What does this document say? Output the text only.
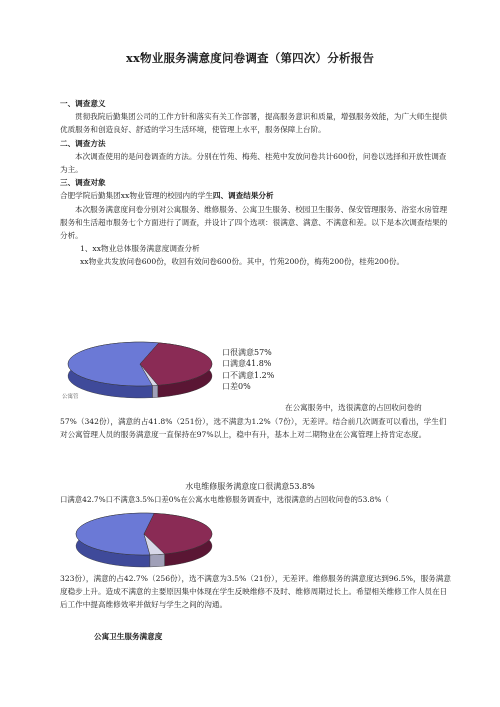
xx物业服务满意度问卷调查（第四次）分析报告
一、调查意义
贯彻我院后勤集团公司的工作方针和落实有关工作部署，提高服务意识和质量，增强服务效能，为广大师生提供优质服务和创造良好、舒适的学习生活环境，使管理上水平，服务保障上台阶。
二、调查方法
本次调查使用的是问卷调查的方法。分别在竹苑、梅苑、桂苑中发放问卷共计600份，问卷以选择和开放性调查为主。
三、调查对象
合肥学院后勤集团xx物业管理的校园内的学生四、调查结果分析
本次服务满意度问卷分别对公寓服务、维修服务、公寓卫生服务、校园卫生服务、保安管理服务、浴室水房管理服务和生活超市服务七个方面进行了调查，并设计了四个选项：很满意、满意、不满意和差。以下是本次调查结果的分析。
1、xx物业总体服务满意度调查分析
xx物业共发放问卷600份，收回有效问卷600份。其中，竹苑200份，梅苑200份，桂苑200份。
公寓管
口很满意57%
口满意41.8%
口不满意1.2%
口差0%
在公寓服务中，选很满意的占回收问卷的
57%（342份），满意的占41.8%（251份），选不满意为1.2%（7份），无差评。结合前几次调查可以看出，学生们对公寓管理人员的服务满意度一直保持在97%以上，稳中有升，基本上对二期物业在公寓管理上持肯定态度。
水电维修服务满意度口很满意53.8%
口满意42.7%口不满意3.5%口差0%在公寓水电维修服务调查中，选很满意的占回收问卷的53.8%（
323份），满意的占42.7%（256份），选不满意为3.5%（21份），无差评。维修服务的满意度达到96.5%，服务满意度稳步上升。造成不满意的主要原因集中体现在学生反映维修不及时、维修周期过长上。希望相关维修工作人员在日后工作中提高维修效率并做好与学生之间的沟通。
公寓卫生服务满意度
